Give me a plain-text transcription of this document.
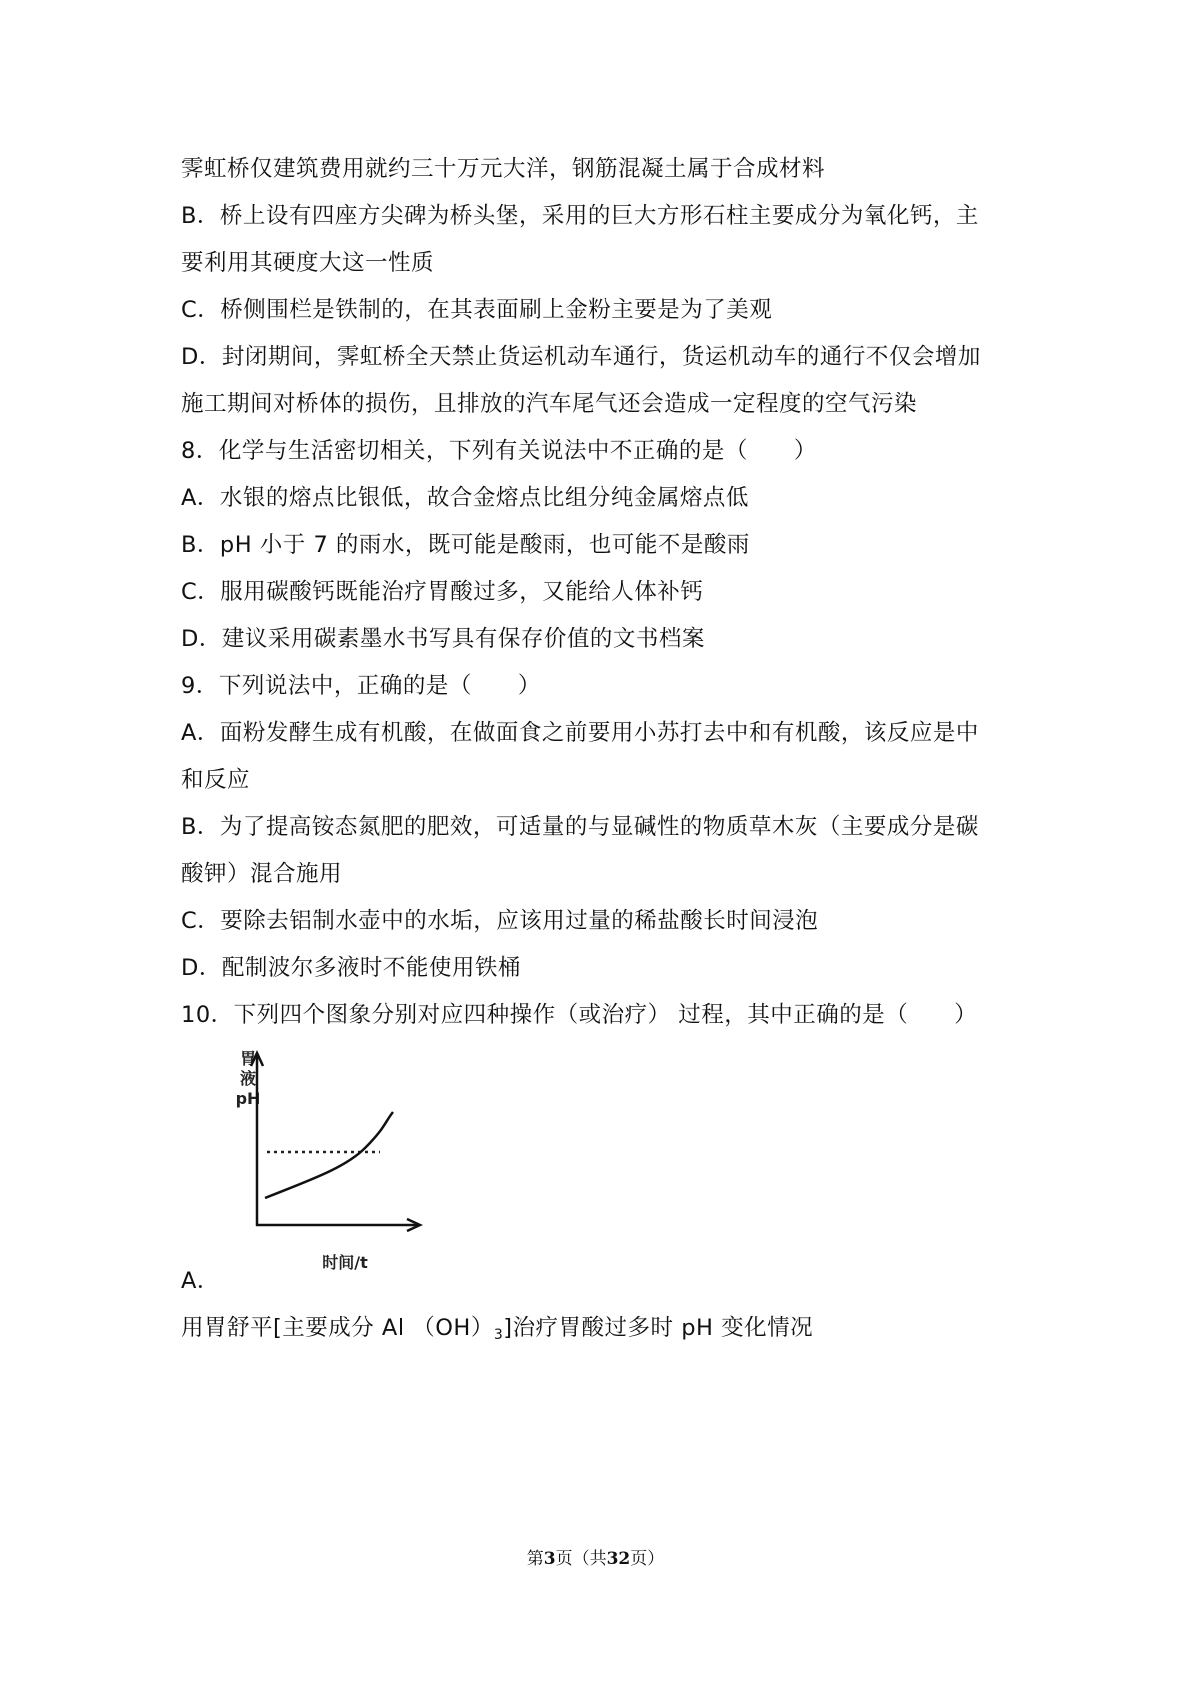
霁虹桥仅建筑费用就约三十万元大洋，钢筋混凝土属于合成材料
B．桥上设有四座方尖碑为桥头堡，采用的巨大方形石柱主要成分为氧化钙，主
要利用其硬度大这一性质
C．桥侧围栏是铁制的，在其表面刷上金粉主要是为了美观
D．封闭期间，霁虹桥全天禁止货运机动车通行，货运机动车的通行不仅会增加
施工期间对桥体的损伤，且排放的汽车尾气还会造成一定程度的空气污染
8．化学与生活密切相关，下列有关说法中不正确的是（　　）
A．水银的熔点比银低，故合金熔点比组分纯金属熔点低
B．pH 小于 7 的雨水，既可能是酸雨，也可能不是酸雨
C．服用碳酸钙既能治疗胃酸过多，又能给人体补钙
D．建议采用碳素墨水书写具有保存价值的文书档案
9．下列说法中，正确的是（　　）
A．面粉发酵生成有机酸，在做面食之前要用小苏打去中和有机酸，该反应是中
和反应
B．为了提高铵态氮肥的肥效，可适量的与显碱性的物质草木灰（主要成分是碳
酸钾）混合施用
C．要除去铝制水壶中的水垢，应该用过量的稀盐酸长时间浸泡
D．配制波尔多液时不能使用铁桶
10．下列四个图象分别对应四种操作（或治疗） 过程，其中正确的是（　　）
胃
液
pH
时间/t
A．
用胃舒平[主要成分 Al $(OH)_3$]治疗胃酸过多时 pH 变化情况
第3页（共32页）
